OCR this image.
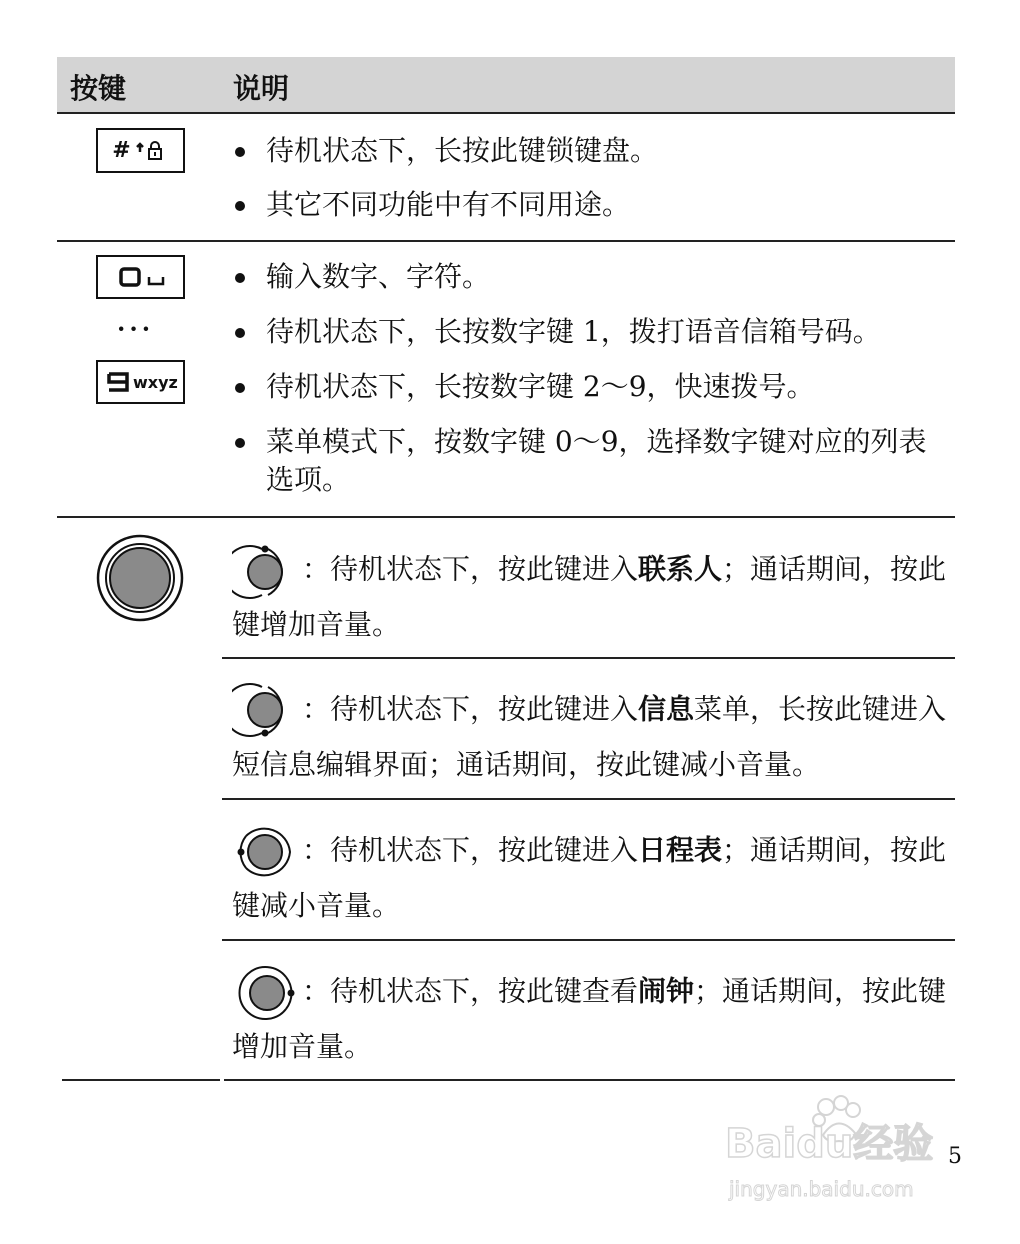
按键	说明
#	待机状态下，长按此键锁键盘。
其它不同功能中有不同用途。
···
wxyz
输入数字、字符。
待机状态下，长按数字键 1，拨打语音信箱号码。
待机状态下，长按数字键 2～9，快速拨号。
菜单模式下，按数字键 0～9，选择数字键对应的列表选项。
：待机状态下，按此键进入联系人；通话期间，按此键增加音量。
：待机状态下，按此键进入信息菜单，长按此键进入短信息编辑界面；通话期间，按此键减小音量。
：待机状态下，按此键进入日程表；通话期间，按此键减小音量。
：待机状态下，按此键查看闹钟；通话期间，按此键增加音量。
Baidu经验
jingyan.baidu.com
5
